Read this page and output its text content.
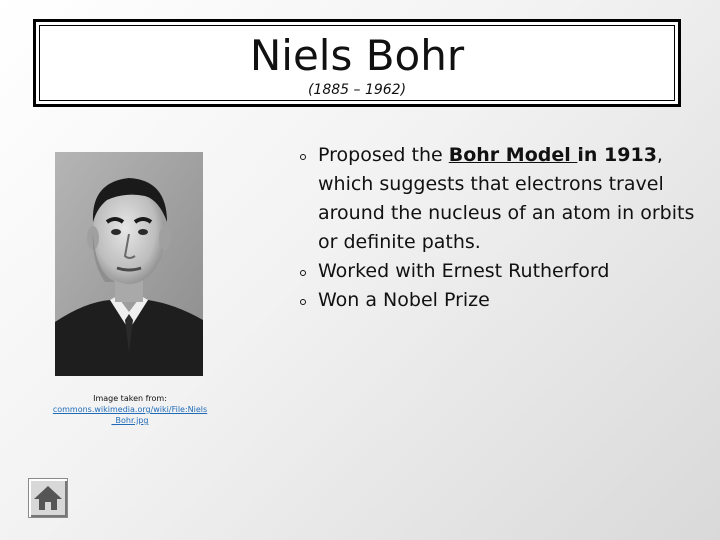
Niels Bohr
(1885 – 1962)
Image taken from:
commons.wikimedia.org/wiki/File:Niels_Bohr.jpg
Proposed the Bohr Model in 1913, which suggests that electrons travel around the nucleus of an atom in orbits or definite paths.
Worked with Ernest Rutherford
Won a Nobel Prize
